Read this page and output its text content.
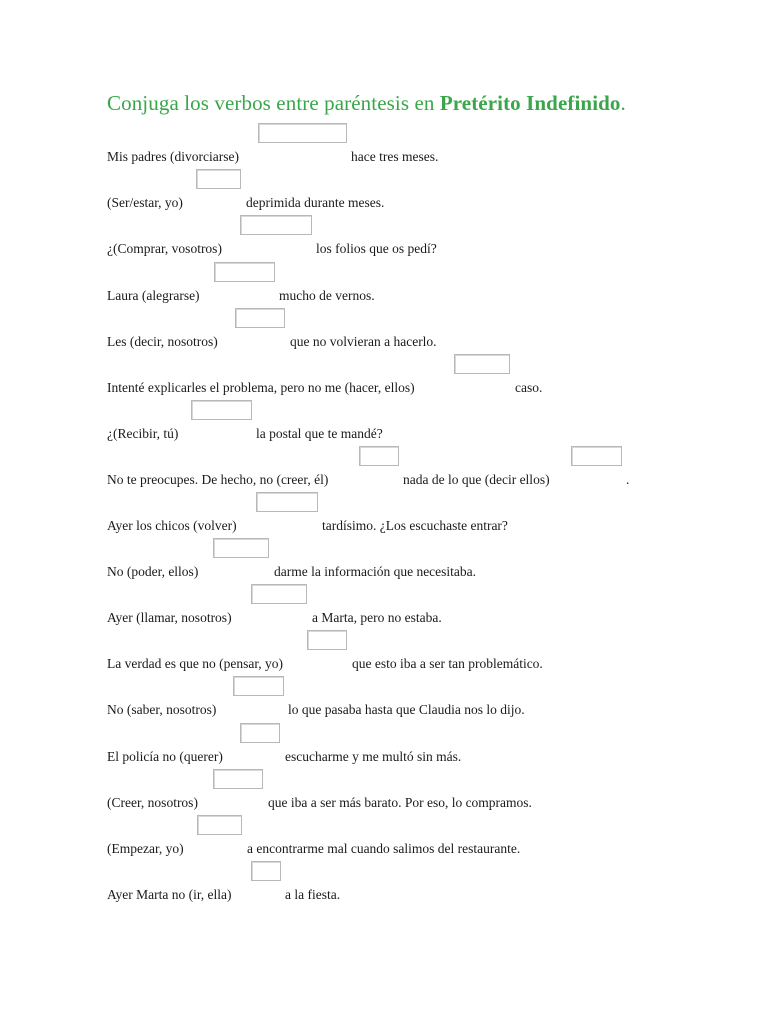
Conjuga los verbos entre paréntesis en Pretérito Indefinido.
Mis padres (divorciarse)	hace tres meses.
(Ser/estar, yo)	deprimida durante meses.
¿(Comprar, vosotros)	los folios que os pedí?
Laura (alegrarse)	mucho de vernos.
Les (decir, nosotros)	que no volvieran a hacerlo.
Intenté explicarles el problema, pero no me (hacer, ellos)	caso.
¿(Recibir, tú)	la postal que te mandé?
No te preocupes. De hecho, no (creer, él)	nada de lo que (decir ellos)	.
Ayer los chicos (volver)	tardísimo. ¿Los escuchaste entrar?
No (poder, ellos)	darme la información que necesitaba.
Ayer (llamar, nosotros)	a Marta, pero no estaba.
La verdad es que no (pensar, yo)	que esto iba a ser tan problemático.
No (saber, nosotros)	lo que pasaba hasta que Claudia nos lo dijo.
El policía no (querer)	escucharme y me multó sin más.
(Creer, nosotros)	que iba a ser más barato. Por eso, lo compramos.
(Empezar, yo)	a encontrarme mal cuando salimos del restaurante.
Ayer Marta no (ir, ella)	a la fiesta.
